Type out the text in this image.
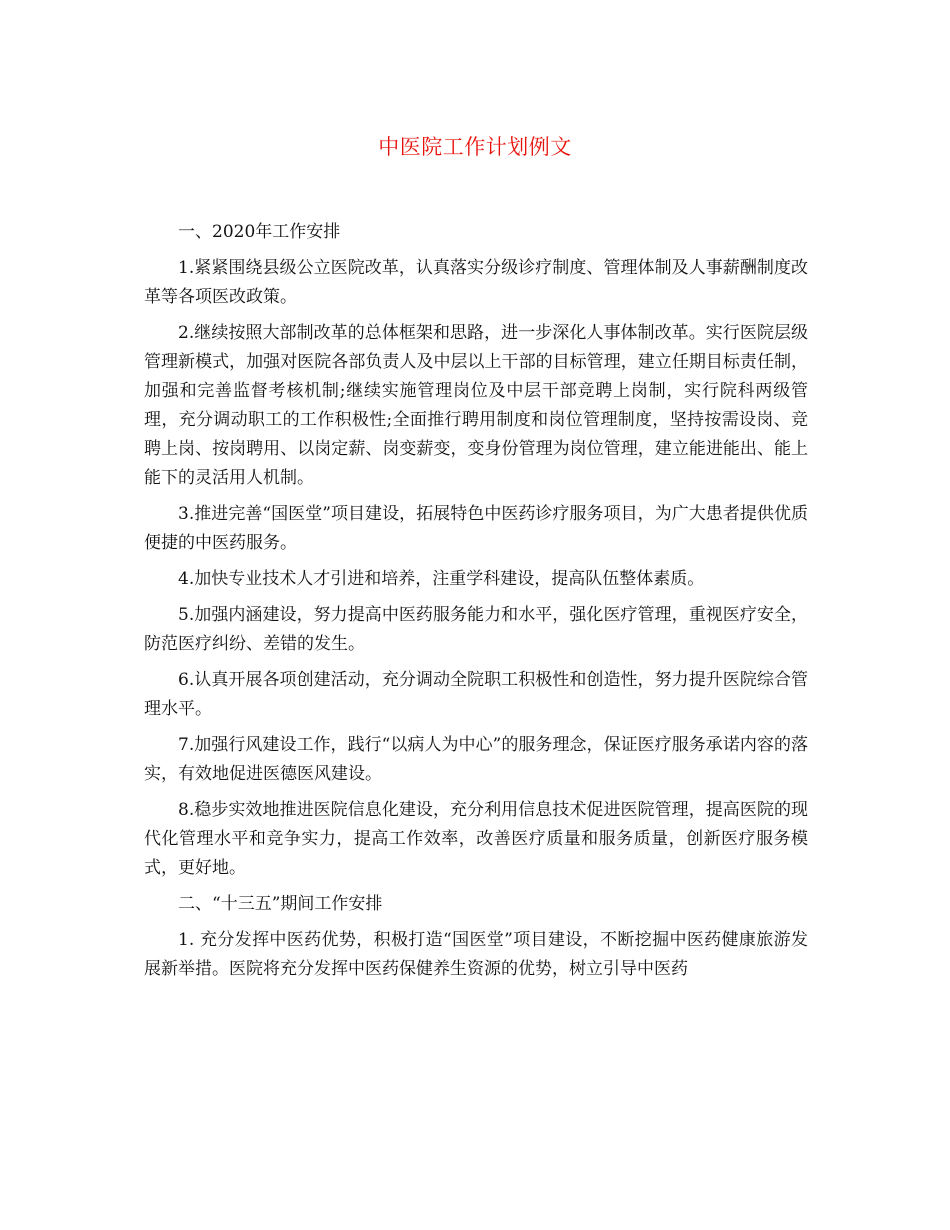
中医院工作计划例文

一、2020年工作安排

1.紧紧围绕县级公立医院改革，认真落实分级诊疗制度、管理体制及人事薪酬制度改革等各项医改政策。

2.继续按照大部制改革的总体框架和思路，进一步深化人事体制改革。实行医院层级管理新模式，加强对医院各部负责人及中层以上干部的目标管理，建立任期目标责任制，加强和完善监督考核机制;继续实施管理岗位及中层干部竞聘上岗制，实行院科两级管理，充分调动职工的工作积极性;全面推行聘用制度和岗位管理制度，坚持按需设岗、竞聘上岗、按岗聘用、以岗定薪、岗变薪变，变身份管理为岗位管理，建立能进能出、能上能下的灵活用人机制。

3.推进完善“国医堂”项目建设，拓展特色中医药诊疗服务项目，为广大患者提供优质便捷的中医药服务。

4.加快专业技术人才引进和培养，注重学科建设，提高队伍整体素质。

5.加强内涵建设，努力提高中医药服务能力和水平，强化医疗管理，重视医疗安全，防范医疗纠纷、差错的发生。

6.认真开展各项创建活动，充分调动全院职工积极性和创造性，努力提升医院综合管理水平。

7.加强行风建设工作，践行“以病人为中心”的服务理念，保证医疗服务承诺内容的落实，有效地促进医德医风建设。

8.稳步实效地推进医院信息化建设，充分利用信息技术促进医院管理，提高医院的现代化管理水平和竞争实力，提高工作效率，改善医疗质量和服务质量，创新医疗服务模式，更好地。

二、“十三五”期间工作安排

1. 充分发挥中医药优势，积极打造“国医堂”项目建设，不断挖掘中医药健康旅游发展新举措。医院将充分发挥中医药保健养生资源的优势，树立引导中医药
